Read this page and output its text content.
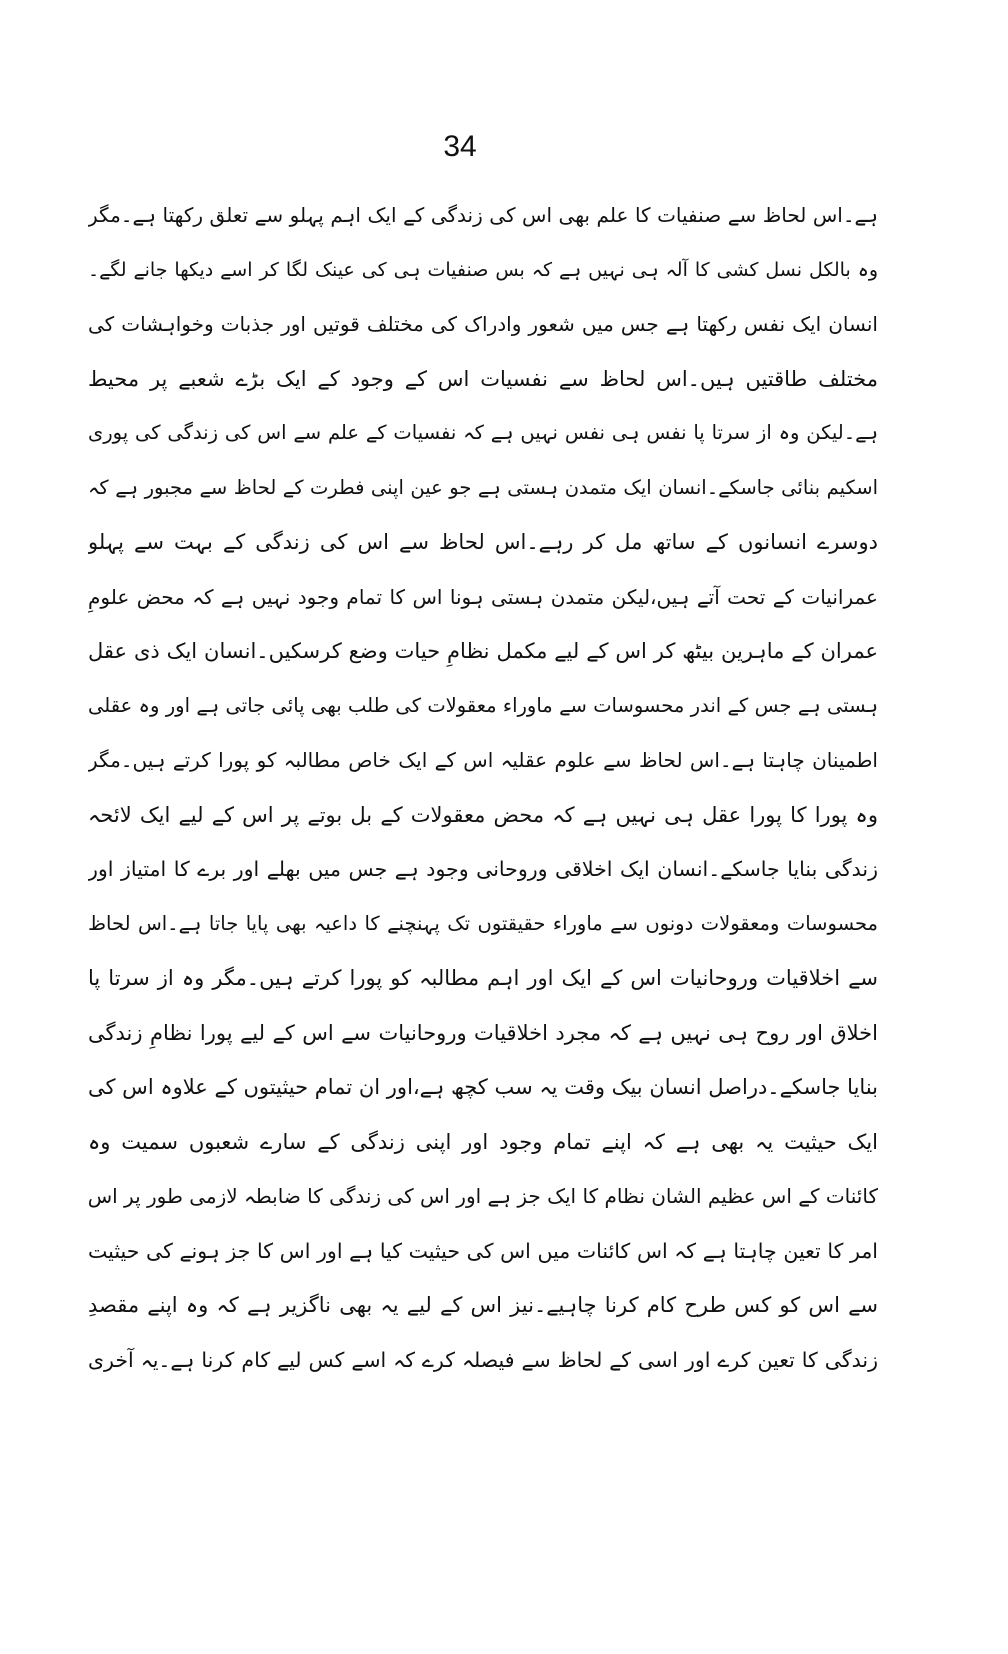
34
ہے۔اس لحاظ سے صنفیات کا علم بھی اس کی زندگی کے ایک اہم پہلو سے تعلق رکھتا ہے۔مگر
وہ بالکل نسل کشی کا آلہ ہی نہیں ہے کہ بس صنفیات ہی کی عینک لگا کر اسے دیکھا جانے لگے۔
انسان ایک نفس رکھتا ہے جس میں شعور وادراک کی مختلف قوتیں اور جذبات وخواہشات کی
مختلف طاقتیں ہیں۔اس لحاظ سے نفسیات اس کے وجود کے ایک بڑے شعبے پر محیط
ہے۔لیکن وہ از سرتا پا نفس ہی نفس نہیں ہے کہ نفسیات کے علم سے اس کی زندگی کی پوری
اسکیم بنائی جاسکے۔انسان ایک متمدن ہستی ہے جو عین اپنی فطرت کے لحاظ سے مجبور ہے کہ
دوسرے انسانوں کے ساتھ مل کر رہے۔اس لحاظ سے اس کی زندگی کے بہت سے پہلو
عمرانیات کے تحت آتے ہیں،لیکن متمدن ہستی ہونا اس کا تمام وجود نہیں ہے کہ محض علومِ
عمران کے ماہرین بیٹھ کر اس کے لیے مکمل نظامِ حیات وضع کرسکیں۔انسان ایک ذی عقل
ہستی ہے جس کے اندر محسوسات سے ماوراء معقولات کی طلب بھی پائی جاتی ہے اور وہ عقلی
اطمینان چاہتا ہے۔اس لحاظ سے علوم عقلیہ اس کے ایک خاص مطالبہ کو پورا کرتے ہیں۔مگر
وہ پورا کا پورا عقل ہی نہیں ہے کہ محض معقولات کے بل بوتے پر اس کے لیے ایک لائحہ
زندگی بنایا جاسکے۔انسان ایک اخلاقی وروحانی وجود ہے جس میں بھلے اور برے کا امتیاز اور
محسوسات ومعقولات دونوں سے ماوراء حقیقتوں تک پہنچنے کا داعیہ بھی پایا جاتا ہے۔اس لحاظ
سے اخلاقیات وروحانیات اس کے ایک اور اہم مطالبہ کو پورا کرتے ہیں۔مگر وہ از سرتا پا
اخلاق اور روح ہی نہیں ہے کہ مجرد اخلاقیات وروحانیات سے اس کے لیے پورا نظامِ زندگی
بنایا جاسکے۔دراصل انسان بیک وقت یہ سب کچھ ہے،اور ان تمام حیثیتوں کے علاوہ اس کی
ایک حیثیت یہ بھی ہے کہ اپنے تمام وجود اور اپنی زندگی کے سارے شعبوں سمیت وہ
کائنات کے اس عظیم الشان نظام کا ایک جز ہے اور اس کی زندگی کا ضابطہ لازمی طور پر اس
امر کا تعین چاہتا ہے کہ اس کائنات میں اس کی حیثیت کیا ہے اور اس کا جز ہونے کی حیثیت
سے اس کو کس طرح کام کرنا چاہیے۔نیز اس کے لیے یہ بھی ناگزیر ہے کہ وہ اپنے مقصدِ
زندگی کا تعین کرے اور اسی کے لحاظ سے فیصلہ کرے کہ اسے کس لیے کام کرنا ہے۔یہ آخری
